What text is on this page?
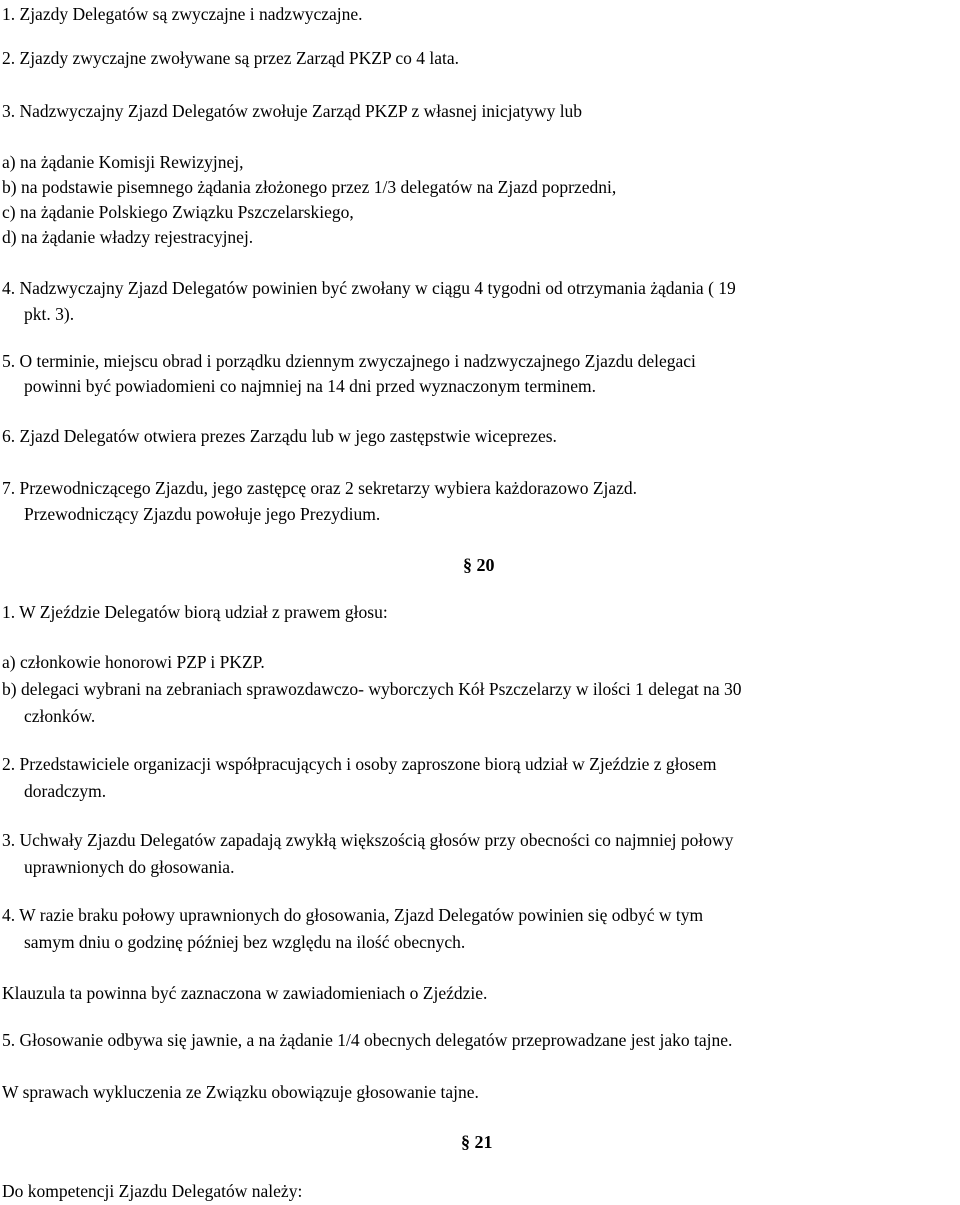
1. Zjazdy Delegatów są zwyczajne i nadzwyczajne.
2. Zjazdy zwyczajne zwoływane są przez Zarząd PKZP co 4 lata.
3. Nadzwyczajny Zjazd Delegatów zwołuje Zarząd PKZP z własnej inicjatywy lub
a) na żądanie Komisji Rewizyjnej,
b) na podstawie pisemnego żądania złożonego przez 1/3 delegatów na Zjazd poprzedni,
c) na żądanie Polskiego Związku Pszczelarskiego,
d) na żądanie władzy rejestracyjnej.
4. Nadzwyczajny Zjazd Delegatów powinien być zwołany w ciągu 4 tygodni od otrzymania żądania ( 19
pkt. 3).
5. O terminie, miejscu obrad i porządku dziennym zwyczajnego i nadzwyczajnego Zjazdu delegaci
powinni być powiadomieni co najmniej na 14 dni przed wyznaczonym terminem.
6. Zjazd Delegatów otwiera prezes Zarządu lub w jego zastępstwie wiceprezes.
7. Przewodniczącego Zjazdu, jego zastępcę oraz 2 sekretarzy wybiera każdorazowo Zjazd.
Przewodniczący Zjazdu powołuje jego Prezydium.
§ 20
1. W Zjeździe Delegatów biorą udział z prawem głosu:
a) członkowie honorowi PZP i PKZP.
b) delegaci wybrani na zebraniach sprawozdawczo- wyborczych Kół Pszczelarzy w ilości 1 delegat na 30
członków.
2. Przedstawiciele organizacji współpracujących i osoby zaproszone biorą udział w Zjeździe z głosem
doradczym.
3. Uchwały Zjazdu Delegatów zapadają zwykłą większością głosów przy obecności co najmniej połowy
uprawnionych do głosowania.
4. W razie braku połowy uprawnionych do głosowania, Zjazd Delegatów powinien się odbyć w tym
samym dniu o godzinę później bez względu na ilość obecnych.
Klauzula ta powinna być zaznaczona w zawiadomieniach o Zjeździe.
5. Głosowanie odbywa się jawnie, a na żądanie 1/4 obecnych delegatów przeprowadzane jest jako tajne.
W sprawach wykluczenia ze Związku obowiązuje głosowanie tajne.
§ 21
Do kompetencji Zjazdu Delegatów należy:
